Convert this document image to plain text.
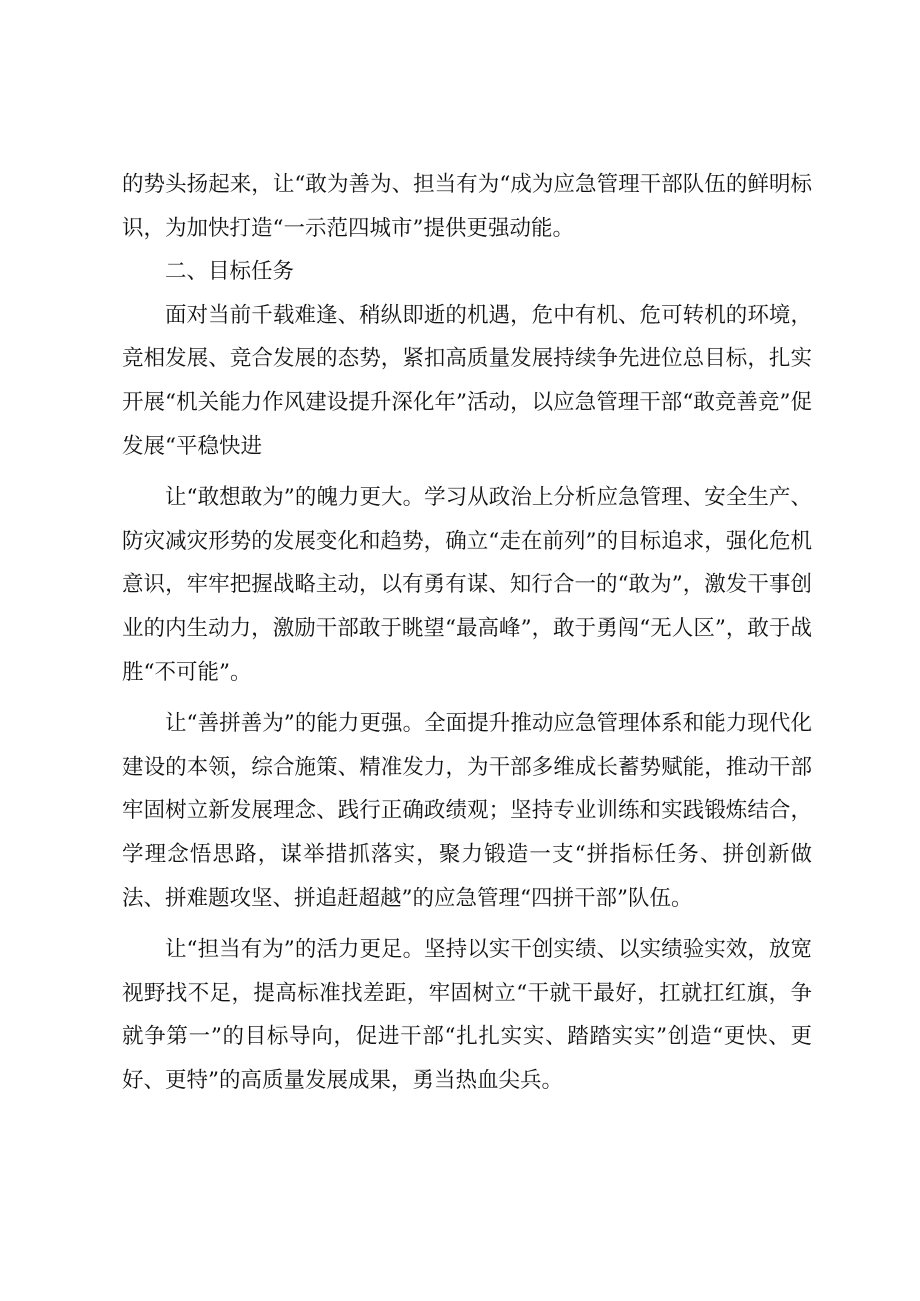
的势头扬起来，让“敢为善为、担当有为“成为应急管理干部队伍的鲜明标识，为加快打造“一示范四城市”提供更强动能。

二、目标任务

面对当前千载难逢、稍纵即逝的机遇，危中有机、危可转机的环境，竞相发展、竞合发展的态势，紧扣高质量发展持续争先进位总目标，扎实开展“机关能力作风建设提升深化年”活动，以应急管理干部“敢竞善竞”促发展“平稳快进

让“敢想敢为”的魄力更大。学习从政治上分析应急管理、安全生产、防灾减灾形势的发展变化和趋势，确立“走在前列”的目标追求，强化危机意识，牢牢把握战略主动，以有勇有谋、知行合一的“敢为”，激发干事创业的内生动力，激励干部敢于眺望“最高峰”，敢于勇闯“无人区”，敢于战胜“不可能”。

让“善拼善为”的能力更强。全面提升推动应急管理体系和能力现代化建设的本领，综合施策、精准发力，为干部多维成长蓄势赋能，推动干部牢固树立新发展理念、践行正确政绩观；坚持专业训练和实践锻炼结合，学理念悟思路，谋举措抓落实，聚力锻造一支“拼指标任务、拼创新做法、拼难题攻坚、拼追赶超越”的应急管理“四拼干部”队伍。

让“担当有为”的活力更足。坚持以实干创实绩、以实绩验实效，放宽视野找不足，提高标准找差距，牢固树立“干就干最好，扛就扛红旗，争就争第一”的目标导向，促进干部“扎扎实实、踏踏实实”创造“更快、更好、更特”的高质量发展成果，勇当热血尖兵。
